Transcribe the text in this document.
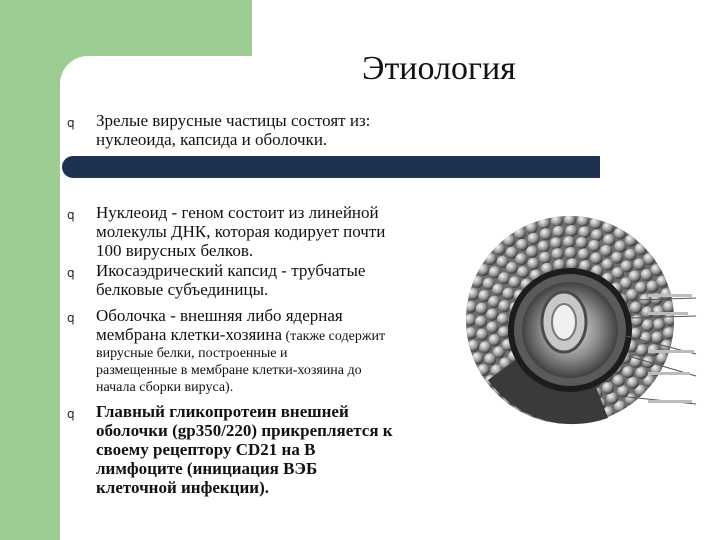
Этиология
q Зрелые вирусные частицы состоят из:
нуклеоида, капсида и оболочки.
q Нуклеоид - геном состоит из линейной
молекулы ДНК, которая кодирует почти
100 вирусных белков.
q Икосаэдрический капсид - трубчатые
белковые субъединицы.
q Оболочка - внешняя либо ядерная
мембрана клетки-хозяина (также содержит
вирусные белки, построенные и
размещенные в мембране клетки-хозяина до
начала сборки вируса).
q Главный гликопротеин внешней
оболочки (gp350/220) прикрепляется к
своему рецептору CD21 на В
лимфоците (инициация ВЭБ
клеточной инфекции).
